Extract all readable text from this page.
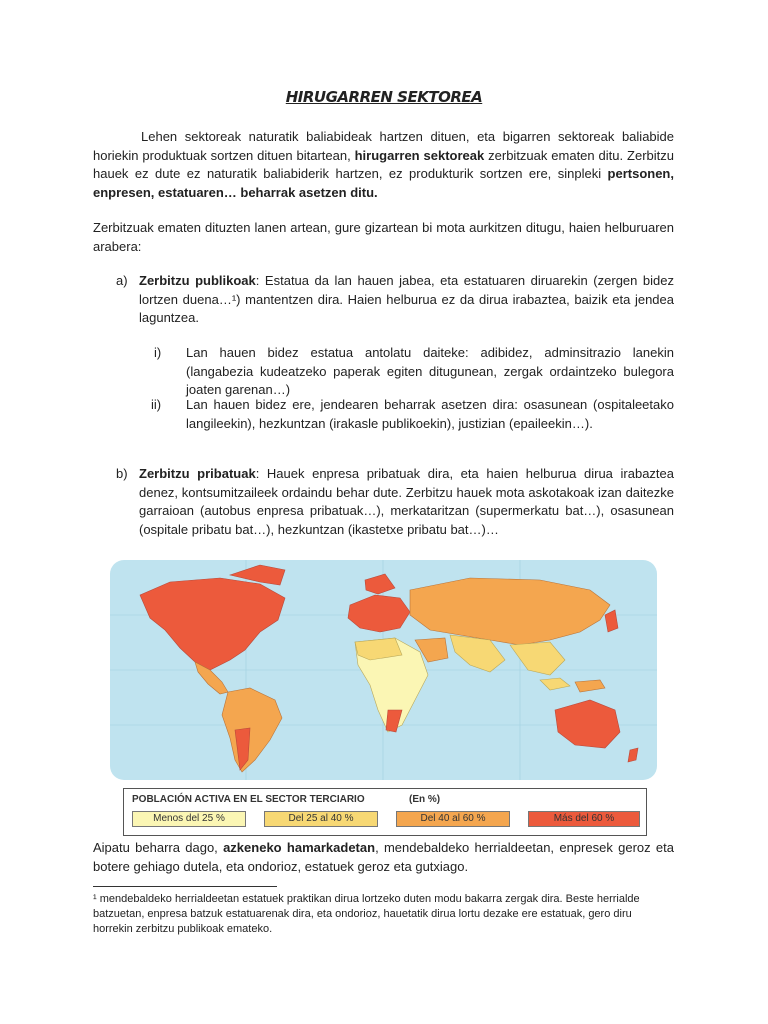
HIRUGARREN SEKTOREA

Lehen sektoreak naturatik baliabideak hartzen dituen, eta bigarren sektoreak baliabide horiekin produktuak sortzen dituen bitartean, hirugarren sektoreak zerbitzuak ematen ditu. Zerbitzu hauek ez dute ez naturatik baliabiderik hartzen, ez produkturik sortzen ere, sinpleki pertsonen, enpresen, estatuaren… beharrak asetzen ditu.

Zerbitzuak ematen dituzten lanen artean, gure gizartean bi mota aurkitzen ditugu, haien helburuaren arabera:

a) Zerbitzu publikoak: Estatua da lan hauen jabea, eta estatuaren diruarekin (zergen bidez lortzen duena…¹) mantentzen dira. Haien helburua ez da dirua irabaztea, baizik eta jendea laguntzea.
i) Lan hauen bidez estatua antolatu daiteke: adibidez, adminsitrazio lanekin (langabezia kudeatzeko paperak egiten ditugunean, zergak ordaintzeko bulegora joaten garenan…)
ii) Lan hauen bidez ere, jendearen beharrak asetzen dira: osasunean (ospitaleetako langileekin), hezkuntzan (irakasle publikoekin), justizian (epaileekin…).
b) Zerbitzu pribatuak: Hauek enpresa pribatuak dira, eta haien helburua dirua irabaztea denez, kontsumitzaileek ordaindu behar dute. Zerbitzu hauek mota askotakoak izan daitezke garraioan (autobus enpresa pribatuak…), merkataritzan (supermerkatu bat…), osasunean (ospitale pribatu bat…), hezkuntzan (ikastetxe pribatu bat…)…
POBLACIÓN ACTIVA EN EL SECTOR TERCIARIO	(En %)
Menos del 25 %	Del 25 al 40 %	Del 40 al 60 %	Más del 60 %

Aipatu beharra dago, azkeneko hamarkadetan, mendebaldeko herrialdeetan, enpresek geroz eta botere gehiago dutela, eta ondorioz, estatuek geroz eta gutxiago.

¹ mendebaldeko herrialdeetan estatuek praktikan dirua lortzeko duten modu bakarra zergak dira. Beste herrialde batzuetan, enpresa batzuk estatuarenak dira, eta ondorioz, hauetatik dirua lortu dezake ere estatuak, gero diru horrekin zerbitzu publikoak emateko.
